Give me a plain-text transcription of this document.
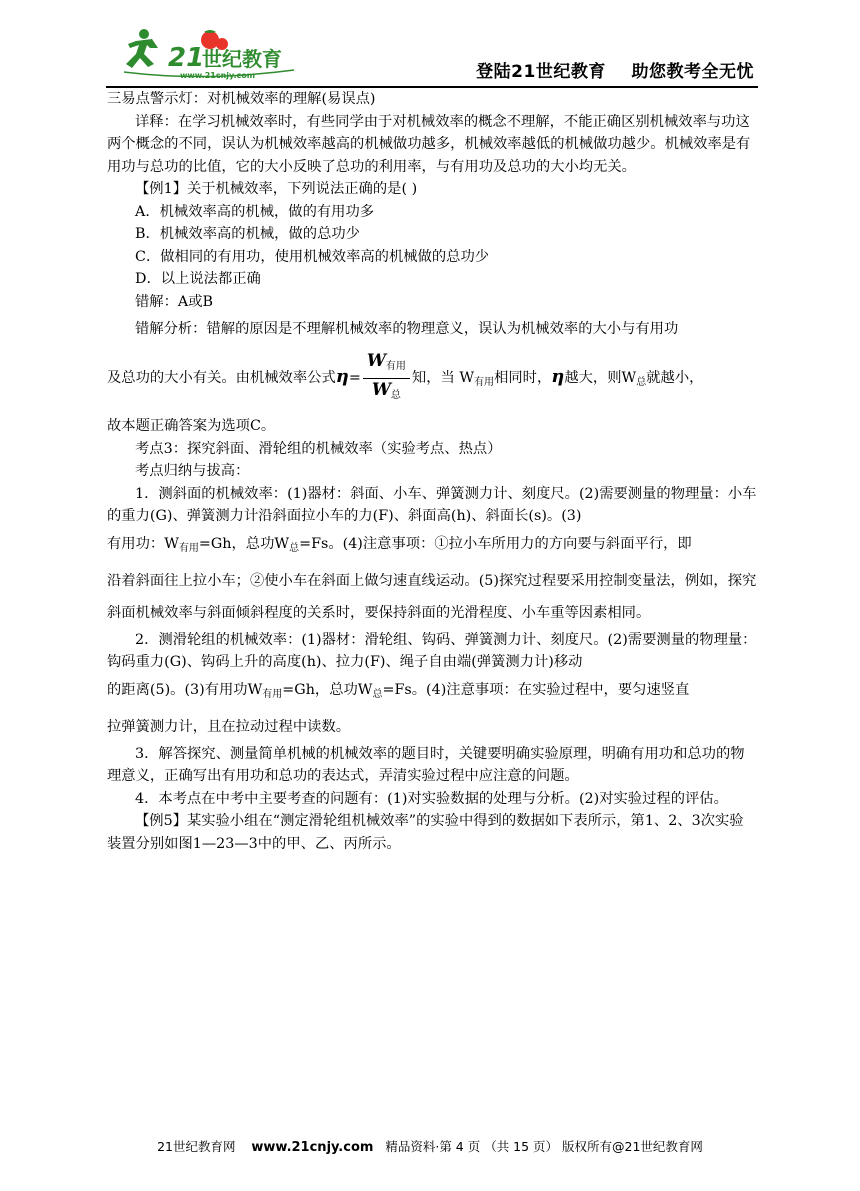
21
世纪教育
www.21cnjy.com	登陆21世纪教育    助您教考全无忧

三易点警示灯：对机械效率的理解(易误点)

详释：在学习机械效率时，有些同学由于对机械效率的概念不理解，不能正确区别机械效率与功这两个概念的不同，误认为机械效率越高的机械做功越多，机械效率越低的机械做功越少。机械效率是有用功与总功的比值，它的大小反映了总功的利用率，与有用功及总功的大小均无关。

【例1】关于机械效率，下列说法正确的是( )

A．机械效率高的机械，做的有用功多

B．机械效率高的机械，做的总功少

C．做相同的有用功，使用机械效率高的机械做的总功少

D．以上说法都正确

错解：A或B

错解分析：错解的原因是不理解机械效率的物理意义，误认为机械效率的大小与有用功

及总功的大小有关。由机械效率公式$\eta= \frac{W_{有用}}{W_总}$ 知，当 $W_{有用}$相同时，η越大，则$W_总$就越小，

故本题正确答案为选项C。

考点3：探究斜面、滑轮组的机械效率（实验考点、热点）

考点归纳与拔高：

1．测斜面的机械效率：(1)器材：斜面、小车、弹簧测力计、刻度尺。(2)需要测量的物理量：小车的重力(G)、弹簧测力计沿斜面拉小车的力(F)、斜面高(h)、斜面长(s)。(3)

有用功：$W_{有用}=Gh$，总功$W_总=Fs$。(4)注意事项：①拉小车所用力的方向要与斜面平行，即

沿着斜面往上拉小车；②使小车在斜面上做匀速直线运动。(5)探究过程要采用控制变量法，例如，探究斜面机械效率与斜面倾斜程度的关系时，要保持斜面的光滑程度、小车重等因素相同。

2．测滑轮组的机械效率：(1)器材：滑轮组、钩码、弹簧测力计、刻度尺。(2)需要测量的物理量：钩码重力(G)、钩码上升的高度(h)、拉力(F)、绳子自由端(弹簧测力计)移动

的距离(5)。(3)有用功$W_{有用}=Gh$，总功$W_总=Fs$。(4)注意事项：在实验过程中，要匀速竖直

拉弹簧测力计，且在拉动过程中读数。

3．解答探究、测量简单机械的机械效率的题目时，关键要明确实验原理，明确有用功和总功的物理意义，正确写出有用功和总功的表达式，弄清实验过程中应注意的问题。

4．本考点在中考中主要考查的问题有：(1)对实验数据的处理与分析。(2)对实验过程的评估。

【例5】某实验小组在“测定滑轮组机械效率”的实验中得到的数据如下表所示，第1、2、3次实验装置分别如图1—23—3中的甲、乙、丙所示。

21世纪教育网 www.21cnjy.com 精品资料·第 4 页 （共 15 页） 版权所有@21世纪教育网
